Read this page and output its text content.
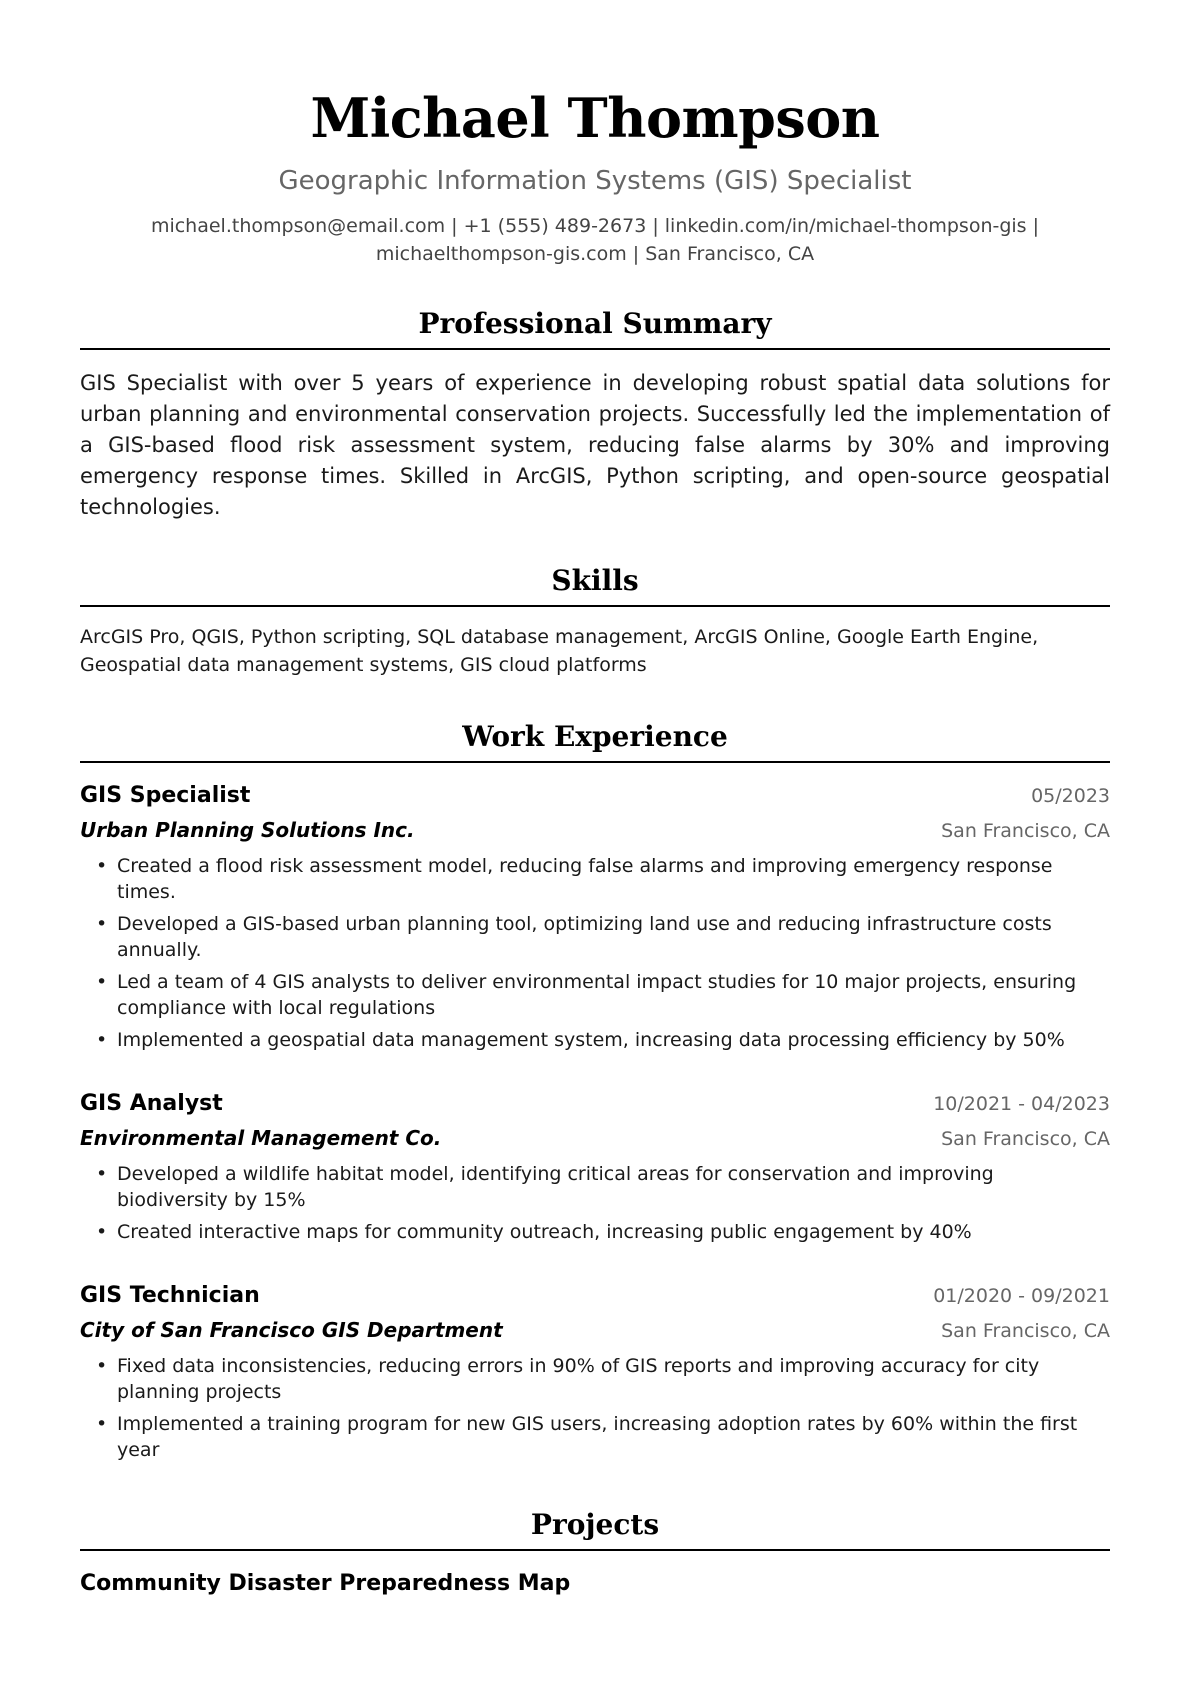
Michael Thompson
Geographic Information Systems (GIS) Specialist
michael.thompson@email.com | +1 (555) 489-2673 | linkedin.com/in/michael-thompson-gis |
michaelthompson-gis.com | San Francisco, CA
Professional Summary
GIS Specialist with over 5 years of experience in developing robust spatial data solutions for urban planning and environmental conservation projects. Successfully led the implementation of a GIS-based flood risk assessment system, reducing false alarms by 30% and improving emergency response times. Skilled in ArcGIS, Python scripting, and open-source geospatial technologies.
Skills
ArcGIS Pro, QGIS, Python scripting, SQL database management, ArcGIS Online, Google Earth Engine, Geospatial data management systems, GIS cloud platforms
Work Experience
GIS Specialist	05/2023
Urban Planning Solutions Inc.	San Francisco, CA
• Created a flood risk assessment model, reducing false alarms and improving emergency response times.
• Developed a GIS-based urban planning tool, optimizing land use and reducing infrastructure costs annually.
• Led a team of 4 GIS analysts to deliver environmental impact studies for 10 major projects, ensuring compliance with local regulations
• Implemented a geospatial data management system, increasing data processing efficiency by 50%
GIS Analyst	10/2021 - 04/2023
Environmental Management Co.	San Francisco, CA
• Developed a wildlife habitat model, identifying critical areas for conservation and improving biodiversity by 15%
• Created interactive maps for community outreach, increasing public engagement by 40%
GIS Technician	01/2020 - 09/2021
City of San Francisco GIS Department	San Francisco, CA
• Fixed data inconsistencies, reducing errors in 90% of GIS reports and improving accuracy for city planning projects
• Implemented a training program for new GIS users, increasing adoption rates by 60% within the first year
Projects
Community Disaster Preparedness Map
